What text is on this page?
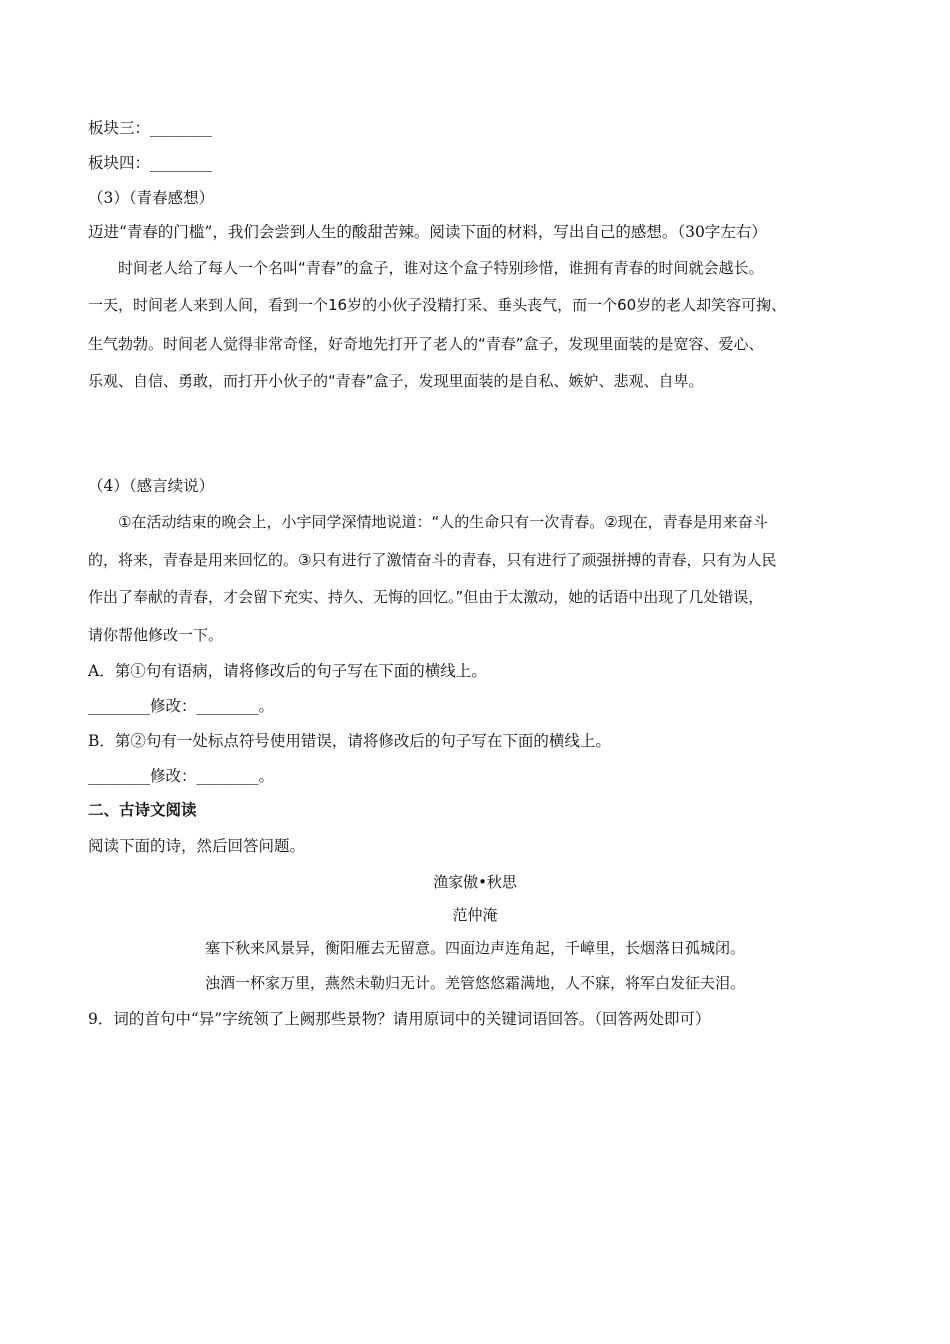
板块三：________
板块四：________
（3）（青春感想）
迈进“青春的门槛”，我们会尝到人生的酸甜苦辣。阅读下面的材料，写出自己的感想。（30字左右）
时间老人给了每人一个名叫“青春”的盒子，谁对这个盒子特别珍惜，谁拥有青春的时间就会越长。
一天，时间老人来到人间，看到一个16岁的小伙子没精打采、垂头丧气，而一个60岁的老人却笑容可掬、
生气勃勃。时间老人觉得非常奇怪，好奇地先打开了老人的“青春”盒子，发现里面装的是宽容、爱心、
乐观、自信、勇敢，而打开小伙子的“青春”盒子，发现里面装的是自私、嫉妒、悲观、自卑。
（4）（感言续说）
①在活动结束的晚会上，小宇同学深情地说道：“人的生命只有一次青春。②现在，青春是用来奋斗
的，将来，青春是用来回忆的。③只有进行了激情奋斗的青春，只有进行了顽强拼搏的青春，只有为人民
作出了奉献的青春，才会留下充实、持久、无悔的回忆。”但由于太激动，她的话语中出现了几处错误，
请你帮他修改一下。
A．第①句有语病，请将修改后的句子写在下面的横线上。
________修改：________。
B．第②句有一处标点符号使用错误，请将修改后的句子写在下面的横线上。
________修改：________。
二、古诗文阅读
阅读下面的诗，然后回答问题。
渔家傲•秋思
范仲淹
塞下秋来风景异，衡阳雁去无留意。四面边声连角起，千嶂里，长烟落日孤城闭。
浊酒一杯家万里，燕然未勒归无计。羌管悠悠霜满地，人不寐，将军白发征夫泪。
9．词的首句中“异”字统领了上阙那些景物？请用原词中的关键词语回答。（回答两处即可）
